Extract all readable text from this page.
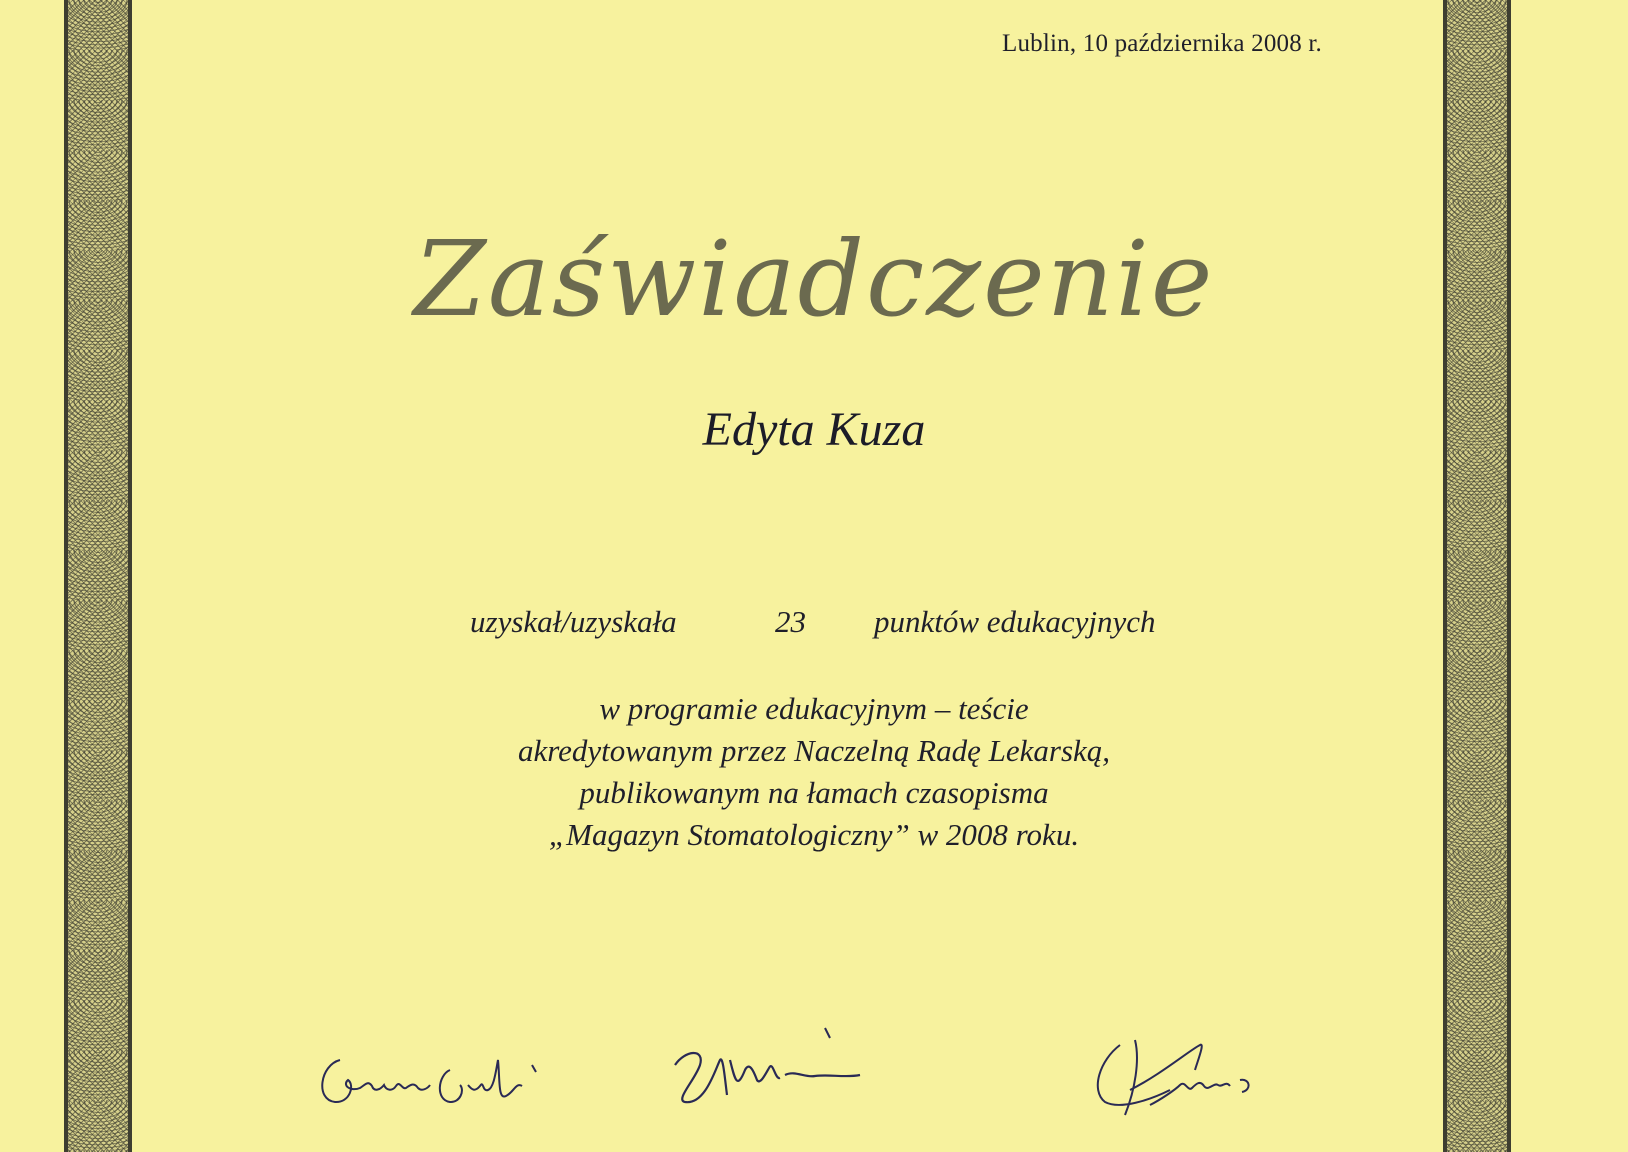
Lublin, 10 października 2008 r.
Zaświadczenie
Edyta Kuza
uzyskał/uzyskała	23 punktów edukacyjnych
w programie edukacyjnym – teście
akredytowanym przez Naczelną Radę Lekarską,
publikowanym na łamach czasopisma
„Magazyn Stomatologiczny” w 2008 roku.
